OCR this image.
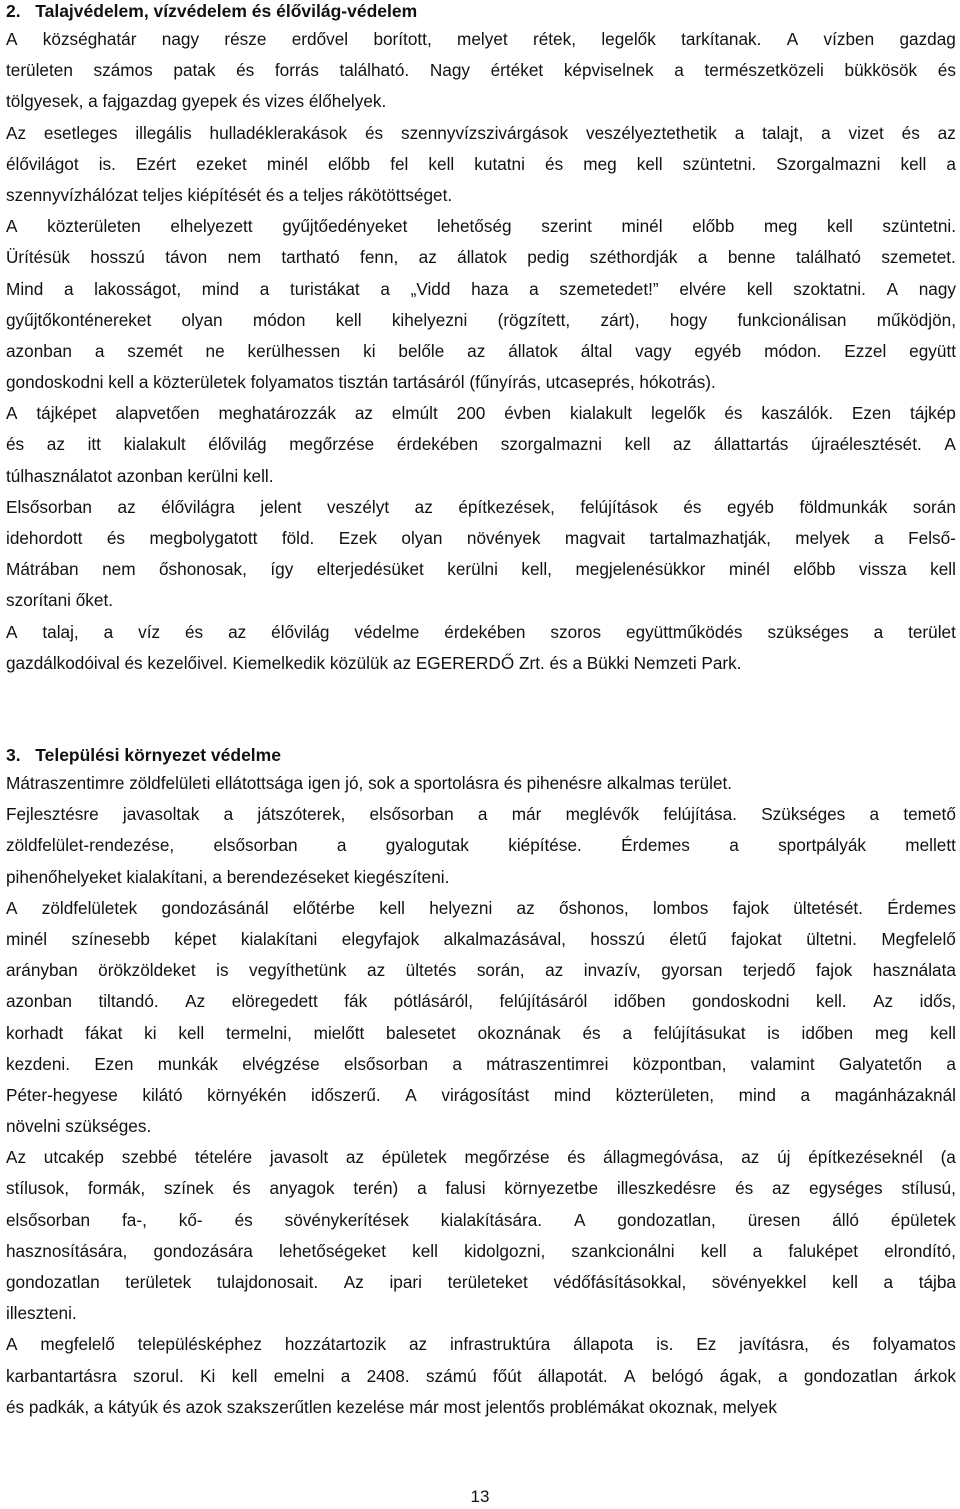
2. Talajvédelem, vízvédelem és élővilág-védelem

A községhatár nagy része erdővel borított, melyet rétek, legelők tarkítanak. A vízben gazdag

területen számos patak és forrás található. Nagy értéket képviselnek a természetközeli bükkösök és

tölgyesek, a fajgazdag gyepek és vizes élőhelyek.

Az esetleges illegális hulladéklerakások és szennyvízszivárgások veszélyeztethetik a talajt, a vizet és az

élővilágot is. Ezért ezeket minél előbb fel kell kutatni és meg kell szüntetni. Szorgalmazni kell a

szennyvízhálózat teljes kiépítését és a teljes rákötöttséget.

A közterületen elhelyezett gyűjtőedényeket lehetőség szerint minél előbb meg kell szüntetni.

Ürítésük hosszú távon nem tartható fenn, az állatok pedig széthordják a benne található szemetet.

Mind a lakosságot, mind a turistákat a „Vidd haza a szemetedet!” elvére kell szoktatni. A nagy

gyűjtőkonténereket olyan módon kell kihelyezni (rögzített, zárt), hogy funkcionálisan működjön,

azonban a szemét ne kerülhessen ki belőle az állatok által vagy egyéb módon. Ezzel együtt

gondoskodni kell a közterületek folyamatos tisztán tartásáról (fűnyírás, utcaseprés, hókotrás).

A tájképet alapvetően meghatározzák az elmúlt 200 évben kialakult legelők és kaszálók. Ezen tájkép

és az itt kialakult élővilág megőrzése érdekében szorgalmazni kell az állattartás újraélesztését. A

túlhasználatot azonban kerülni kell.

Elsősorban az élővilágra jelent veszélyt az építkezések, felújítások és egyéb földmunkák során

idehordott és megbolygatott föld. Ezek olyan növények magvait tartalmazhatják, melyek a Felső-

Mátrában nem őshonosak, így elterjedésüket kerülni kell, megjelenésükkor minél előbb vissza kell

szorítani őket.

A talaj, a víz és az élővilág védelme érdekében szoros együttműködés szükséges a terület

gazdálkodóival és kezelőivel. Kiemelkedik közülük az EGERERDŐ Zrt. és a Bükki Nemzeti Park.

3. Települési környezet védelme

Mátraszentimre zöldfelületi ellátottsága igen jó, sok a sportolásra és pihenésre alkalmas terület.

Fejlesztésre javasoltak a játszóterek, elsősorban a már meglévők felújítása. Szükséges a temető

zöldfelület-rendezése, elsősorban a gyalogutak kiépítése. Érdemes a sportpályák mellett

pihenőhelyeket kialakítani, a berendezéseket kiegészíteni.

A zöldfelületek gondozásánál előtérbe kell helyezni az őshonos, lombos fajok ültetését. Érdemes

minél színesebb képet kialakítani elegyfajok alkalmazásával, hosszú életű fajokat ültetni. Megfelelő

arányban örökzöldeket is vegyíthetünk az ültetés során, az invazív, gyorsan terjedő fajok használata

azonban tiltandó. Az elöregedett fák pótlásáról, felújításáról időben gondoskodni kell. Az idős,

korhadt fákat ki kell termelni, mielőtt balesetet okoznának és a felújításukat is időben meg kell

kezdeni. Ezen munkák elvégzése elsősorban a mátraszentimrei központban, valamint Galyatetőn a

Péter-hegyese kilátó környékén időszerű. A virágosítást mind közterületen, mind a magánházaknál

növelni szükséges.

Az utcakép szebbé tételére javasolt az épületek megőrzése és állagmegóvása, az új építkezéseknél (a

stílusok, formák, színek és anyagok terén) a falusi környezetbe illeszkedésre és az egységes stílusú,

elsősorban fa-, kő- és sövénykerítések kialakítására. A gondozatlan, üresen álló épületek

hasznosítására, gondozására lehetőségeket kell kidolgozni, szankcionálni kell a faluképet elrondító,

gondozatlan területek tulajdonosait. Az ipari területeket védőfásításokkal, sövényekkel kell a tájba

illeszteni.

A megfelelő településképhez hozzátartozik az infrastruktúra állapota is. Ez javításra, és folyamatos

karbantartásra szorul. Ki kell emelni a 2408. számú főút állapotát. A belógó ágak, a gondozatlan árkok

és padkák, a kátyúk és azok szakszerűtlen kezelése már most jelentős problémákat okoznak, melyek

13
